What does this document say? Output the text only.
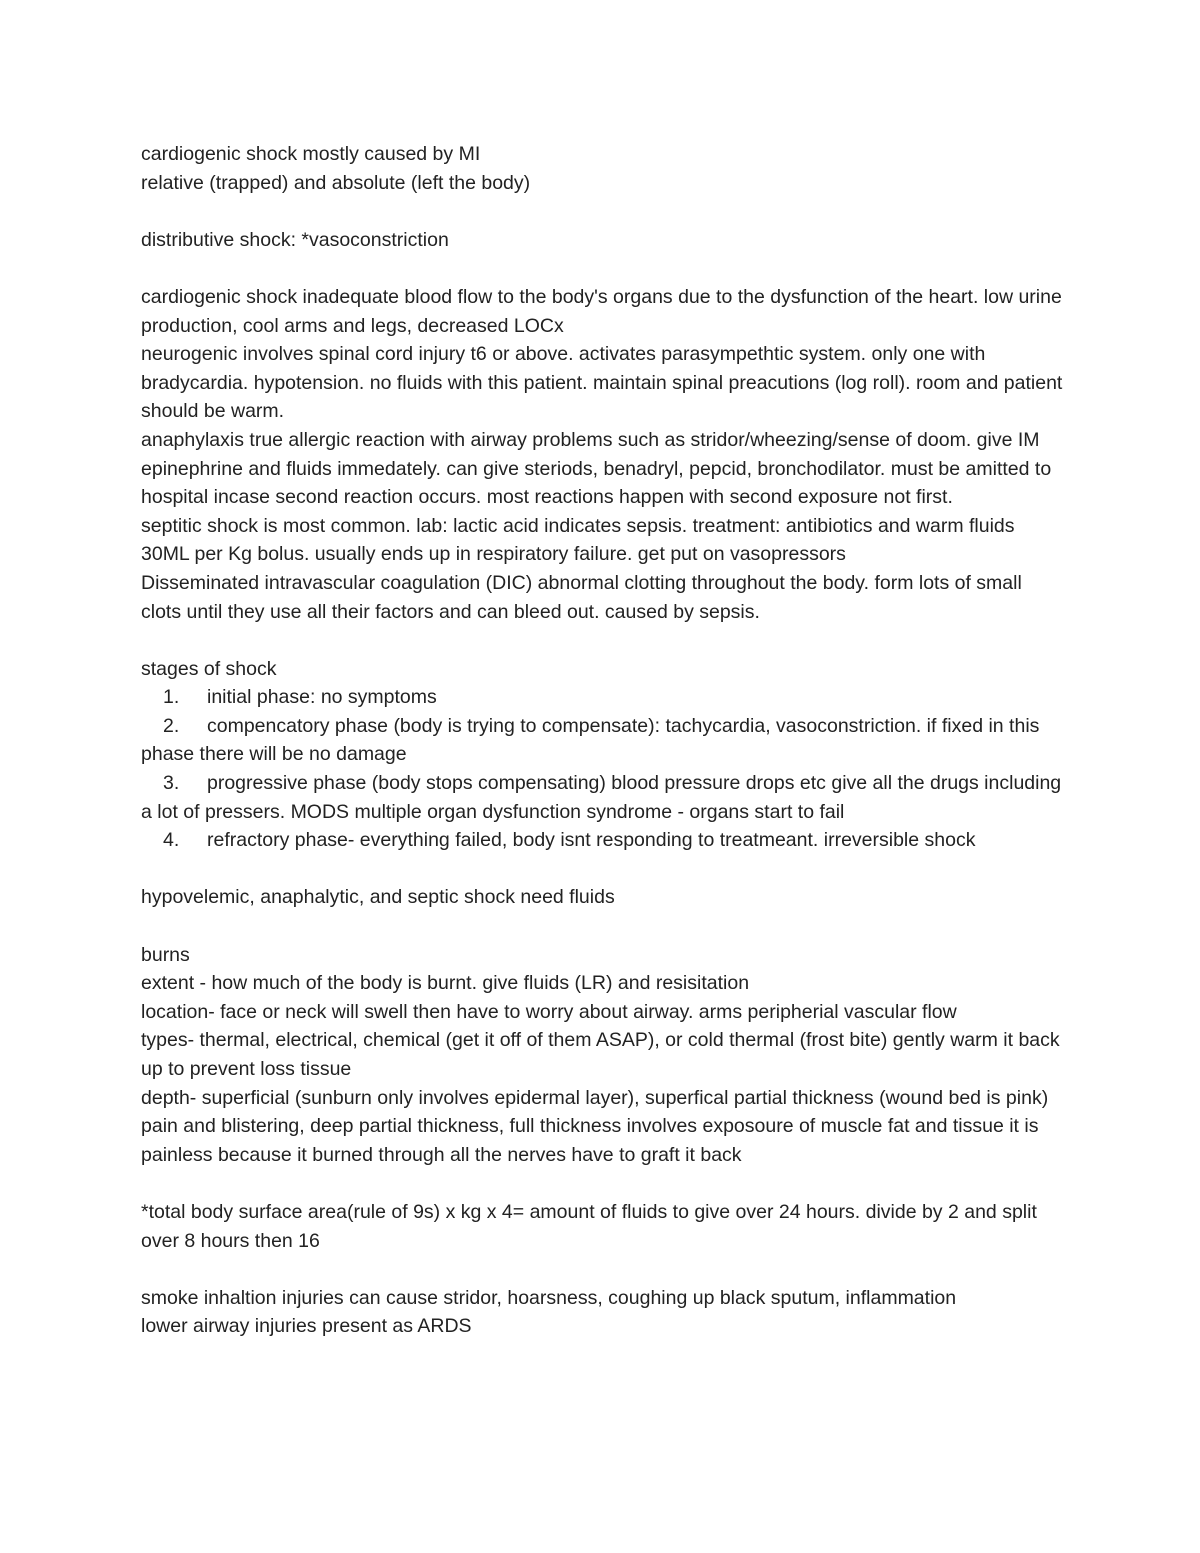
cardiogenic shock mostly caused by MI

relative (trapped) and absolute (left the body)

distributive shock: *vasoconstriction

cardiogenic shock inadequate blood flow to the body's organs due to the dysfunction of the heart. low urine production, cool arms and legs, decreased LOCx

neurogenic involves spinal cord injury t6 or above. activates parasympethtic system. only one with bradycardia. hypotension. no fluids with this patient. maintain spinal preacutions (log roll). room and patient should be warm.

anaphylaxis true allergic reaction with airway problems such as stridor/wheezing/sense of doom. give IM epinephrine and fluids immedately. can give steriods, benadryl, pepcid, bronchodilator. must be amitted to hospital incase second reaction occurs. most reactions happen with second exposure not first.

septitic shock is most common. lab: lactic acid indicates sepsis. treatment: antibiotics and warm fluids 30ML per Kg bolus. usually ends up in respiratory failure. get put on vasopressors

Disseminated intravascular coagulation (DIC) abnormal clotting throughout the body. form lots of small clots until they use all their factors and can bleed out. caused by sepsis.

stages of shock

1. initial phase: no symptoms

2. compencatory phase (body is trying to compensate): tachycardia, vasoconstriction. if fixed in this phase there will be no damage

3. progressive phase (body stops compensating) blood pressure drops etc give all the drugs including a lot of pressers. MODS multiple organ dysfunction syndrome - organs start to fail

4. refractory phase- everything failed, body isnt responding to treatmeant. irreversible shock

hypovelemic, anaphalytic, and septic shock need fluids

burns

extent - how much of the body is burnt. give fluids (LR) and resisitation

location- face or neck will swell then have to worry about airway. arms peripherial vascular flow

types- thermal, electrical, chemical (get it off of them ASAP), or cold thermal (frost bite) gently warm it back up to prevent loss tissue

depth- superficial (sunburn only involves epidermal layer), superfical partial thickness (wound bed is pink) pain and blistering, deep partial thickness, full thickness involves exposoure of muscle fat and tissue it is painless because it burned through all the nerves have to graft it back

*total body surface area(rule of 9s) x kg x 4= amount of fluids to give over 24 hours. divide by 2 and split over 8 hours then 16

smoke inhaltion injuries can cause stridor, hoarsness, coughing up black sputum, inflammation

lower airway injuries present as ARDS
